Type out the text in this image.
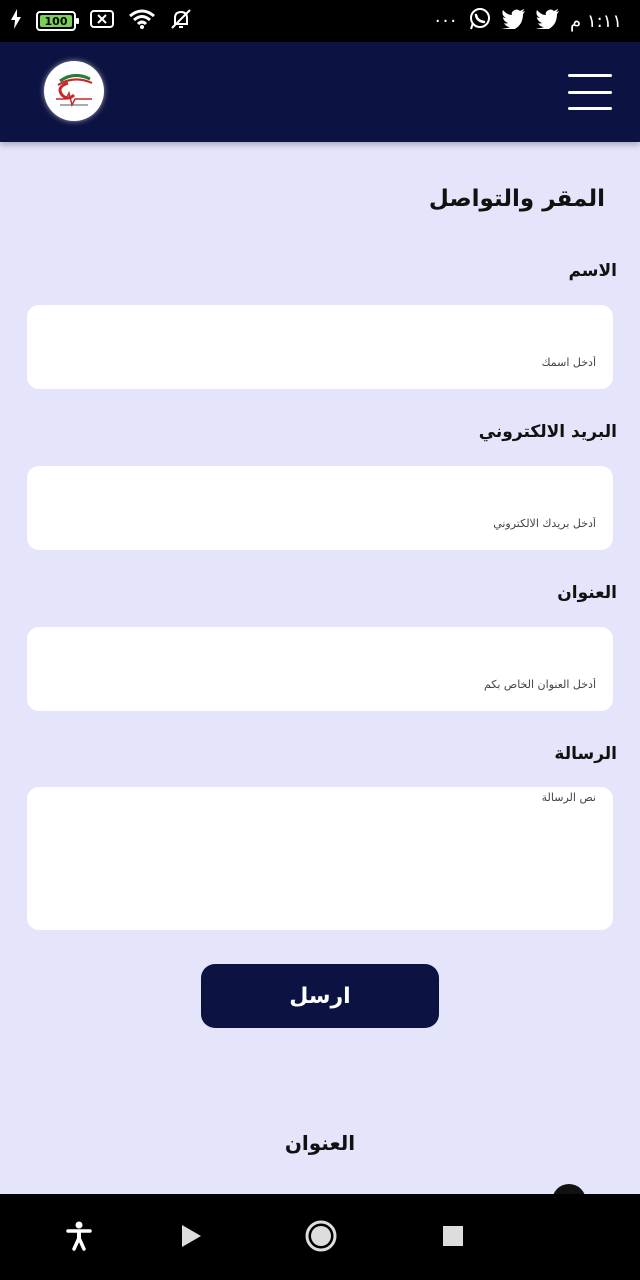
100	···	١:١١ م
المقر والتواصل
الاسم
أدخل اسمك
البريد الالكتروني
أدخل بريدك الالكتروني
العنوان
أدخل العنوان الخاص بكم
الرسالة
نص الرسالة
ارسل
العنوان
